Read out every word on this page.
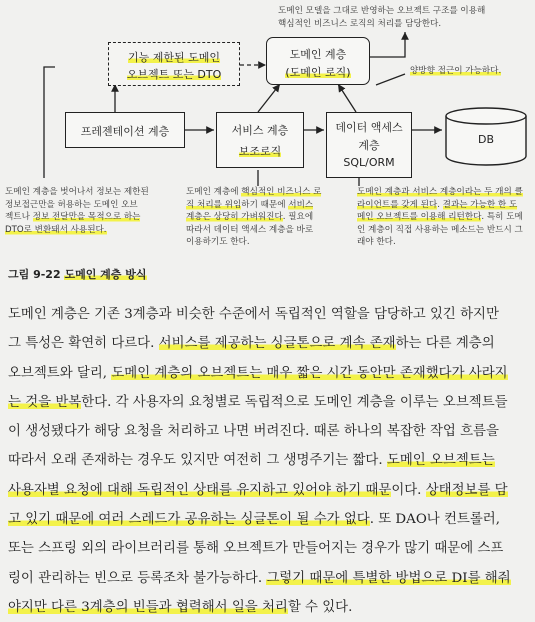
도메인 모델을 그대로 반영하는 오브젝트 구조를 이용해

핵심적인 비즈니스 로직의 처리를 담당한다.

기능 제한된 도메인
오브젝트 또는 DTO
도메인 계층
(도메인 로직)	양방향 접근이 가능하다.
프레젠테이션 계층	서비스 계층
보조로직
데이터 액세스
계층
SQL/ORM
DB
도메인 계층을 벗어나서 정보는 제한된
정보접근만을 허용하는 도메인 오브
젝트나 정보 전달만을 목적으로 하는
DTO로 변환돼서 사용된다.
도메인 계층에 핵심적인 비즈니스 로
직 처리를 위임하기 때문에 서비스
계층은 상당히 가벼워진다. 필요에
따라서 데이터 액세스 계층을 바로
이용하기도 한다.
도메인 계층과 서비스 계층이라는 두 개의 클
라이언트를 갖게 된다. 결과는 가능한 한 도
메인 오브젝트를 이용해 리턴한다. 특히 도메
인 계층이 직접 사용하는 메소드는 반드시 그
래야 한다.

그림 9-22 도메인 계층 방식

도메인 계층은 기존 3계층과 비슷한 수준에서 독립적인 역할을 담당하고 있긴 하지만
그 특성은 확연히 다르다. 서비스를 제공하는 싱글톤으로 계속 존재하는 다른 계층의
오브젝트와 달리, 도메인 계층의 오브젝트는 매우 짧은 시간 동안만 존재했다가 사라지
는 것을 반복한다. 각 사용자의 요청별로 독립적으로 도메인 계층을 이루는 오브젝트들
이 생성됐다가 해당 요청을 처리하고 나면 버려진다. 때론 하나의 복잡한 작업 흐름을
따라서 오래 존재하는 경우도 있지만 여전히 그 생명주기는 짧다. 도메인 오브젝트는
사용자별 요청에 대해 독립적인 상태를 유지하고 있어야 하기 때문이다. 상태정보를 담
고 있기 때문에 여러 스레드가 공유하는 싱글톤이 될 수가 없다. 또 DAO나 컨트롤러,
또는 스프링 외의 라이브러리를 통해 오브젝트가 만들어지는 경우가 많기 때문에 스프
링이 관리하는 빈으로 등록조차 불가능하다. 그렇기 때문에 특별한 방법으로 DI를 해줘
야지만 다른 3계층의 빈들과 협력해서 일을 처리할 수 있다.
